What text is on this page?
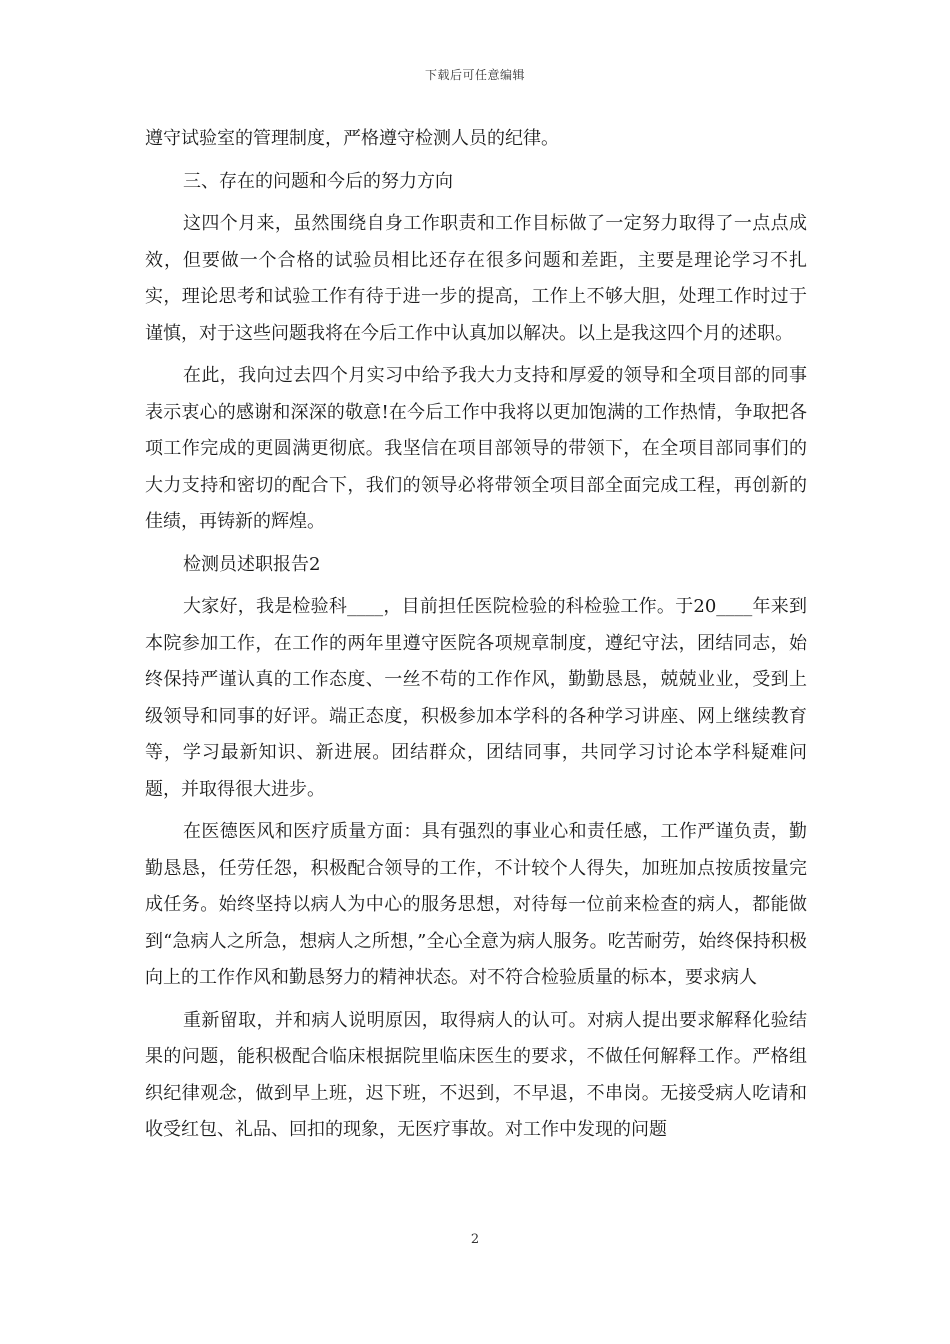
下载后可任意编辑

遵守试验室的管理制度，严格遵守检测人员的纪律。

三、存在的问题和今后的努力方向

这四个月来，虽然围绕自身工作职责和工作目标做了一定努力取得了一点点成效，但要做一个合格的试验员相比还存在很多问题和差距，主要是理论学习不扎实，理论思考和试验工作有待于进一步的提高，工作上不够大胆，处理工作时过于谨慎，对于这些问题我将在今后工作中认真加以解决。以上是我这四个月的述职。

在此，我向过去四个月实习中给予我大力支持和厚爱的领导和全项目部的同事表示衷心的感谢和深深的敬意!在今后工作中我将以更加饱满的工作热情，争取把各项工作完成的更圆满更彻底。我坚信在项目部领导的带领下，在全项目部同事们的大力支持和密切的配合下，我们的领导必将带领全项目部全面完成工程，再创新的佳绩，再铸新的辉煌。

检测员述职报告2

大家好，我是检验科____，目前担任医院检验的科检验工作。于20____年来到本院参加工作，在工作的两年里遵守医院各项规章制度，遵纪守法，团结同志，始终保持严谨认真的工作态度、一丝不苟的工作作风，勤勤恳恳，兢兢业业，受到上级领导和同事的好评。端正态度，积极参加本学科的各种学习讲座、网上继续教育等，学习最新知识、新进展。团结群众，团结同事，共同学习讨论本学科疑难问题，并取得很大进步。

在医德医风和医疗质量方面：具有强烈的事业心和责任感，工作严谨负责，勤勤恳恳，任劳任怨，积极配合领导的工作，不计较个人得失，加班加点按质按量完成任务。始终坚持以病人为中心的服务思想，对待每一位前来检查的病人，都能做到“急病人之所急，想病人之所想，”全心全意为病人服务。吃苦耐劳，始终保持积极向上的工作作风和勤恳努力的精神状态。对不符合检验质量的标本，要求病人

重新留取，并和病人说明原因，取得病人的认可。对病人提出要求解释化验结果的问题，能积极配合临床根据院里临床医生的要求，不做任何解释工作。严格组织纪律观念，做到早上班，迟下班，不迟到，不早退，不串岗。无接受病人吃请和收受红包、礼品、回扣的现象，无医疗事故。对工作中发现的问题

2
